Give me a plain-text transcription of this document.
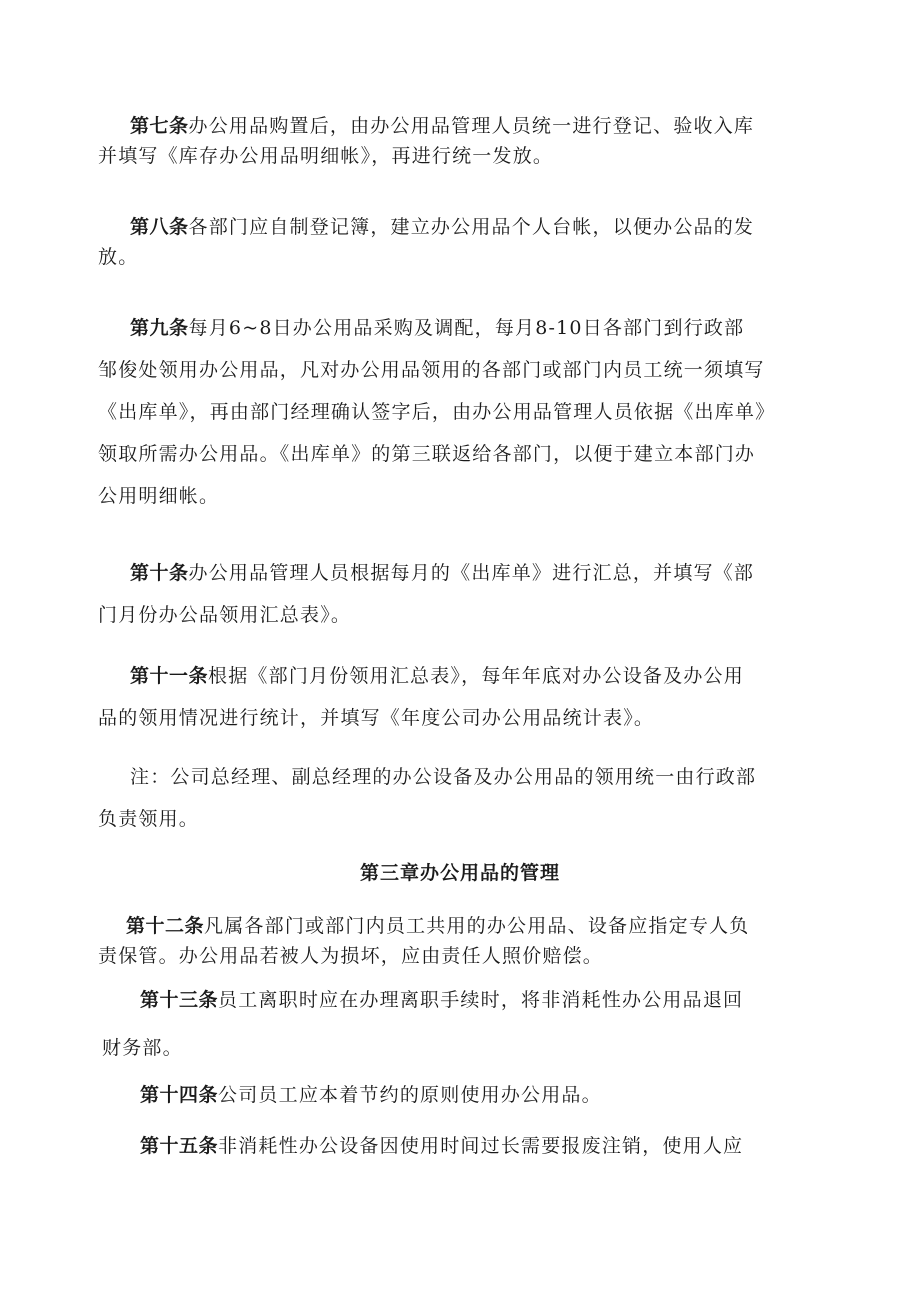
第七条办公用品购置后，由办公用品管理人员统一进行登记、验收入库
并填写《库存办公用品明细帐》，再进行统一发放。
第八条各部门应自制登记簿，建立办公用品个人台帐，以便办公品的发
放。
第九条每月6~8日办公用品采购及调配，每月8-10日各部门到行政部
邹俊处领用办公用品，凡对办公用品领用的各部门或部门内员工统一须填写
《出库单》，再由部门经理确认签字后，由办公用品管理人员依据《出库单》
领取所需办公用品。《出库单》的第三联返给各部门，以便于建立本部门办
公用明细帐。
第十条办公用品管理人员根据每月的《出库单》进行汇总，并填写《部
门月份办公品领用汇总表》。
第十一条根据《部门月份领用汇总表》，每年年底对办公设备及办公用
品的领用情况进行统计，并填写《年度公司办公用品统计表》。
注：公司总经理、副总经理的办公设备及办公用品的领用统一由行政部
负责领用。
第三章办公用品的管理
第十二条凡属各部门或部门内员工共用的办公用品、设备应指定专人负
责保管。办公用品若被人为损坏，应由责任人照价赔偿。
第十三条员工离职时应在办理离职手续时，将非消耗性办公用品退回
财务部。
第十四条公司员工应本着节约的原则使用办公用品。
第十五条非消耗性办公设备因使用时间过长需要报废注销，使用人应
